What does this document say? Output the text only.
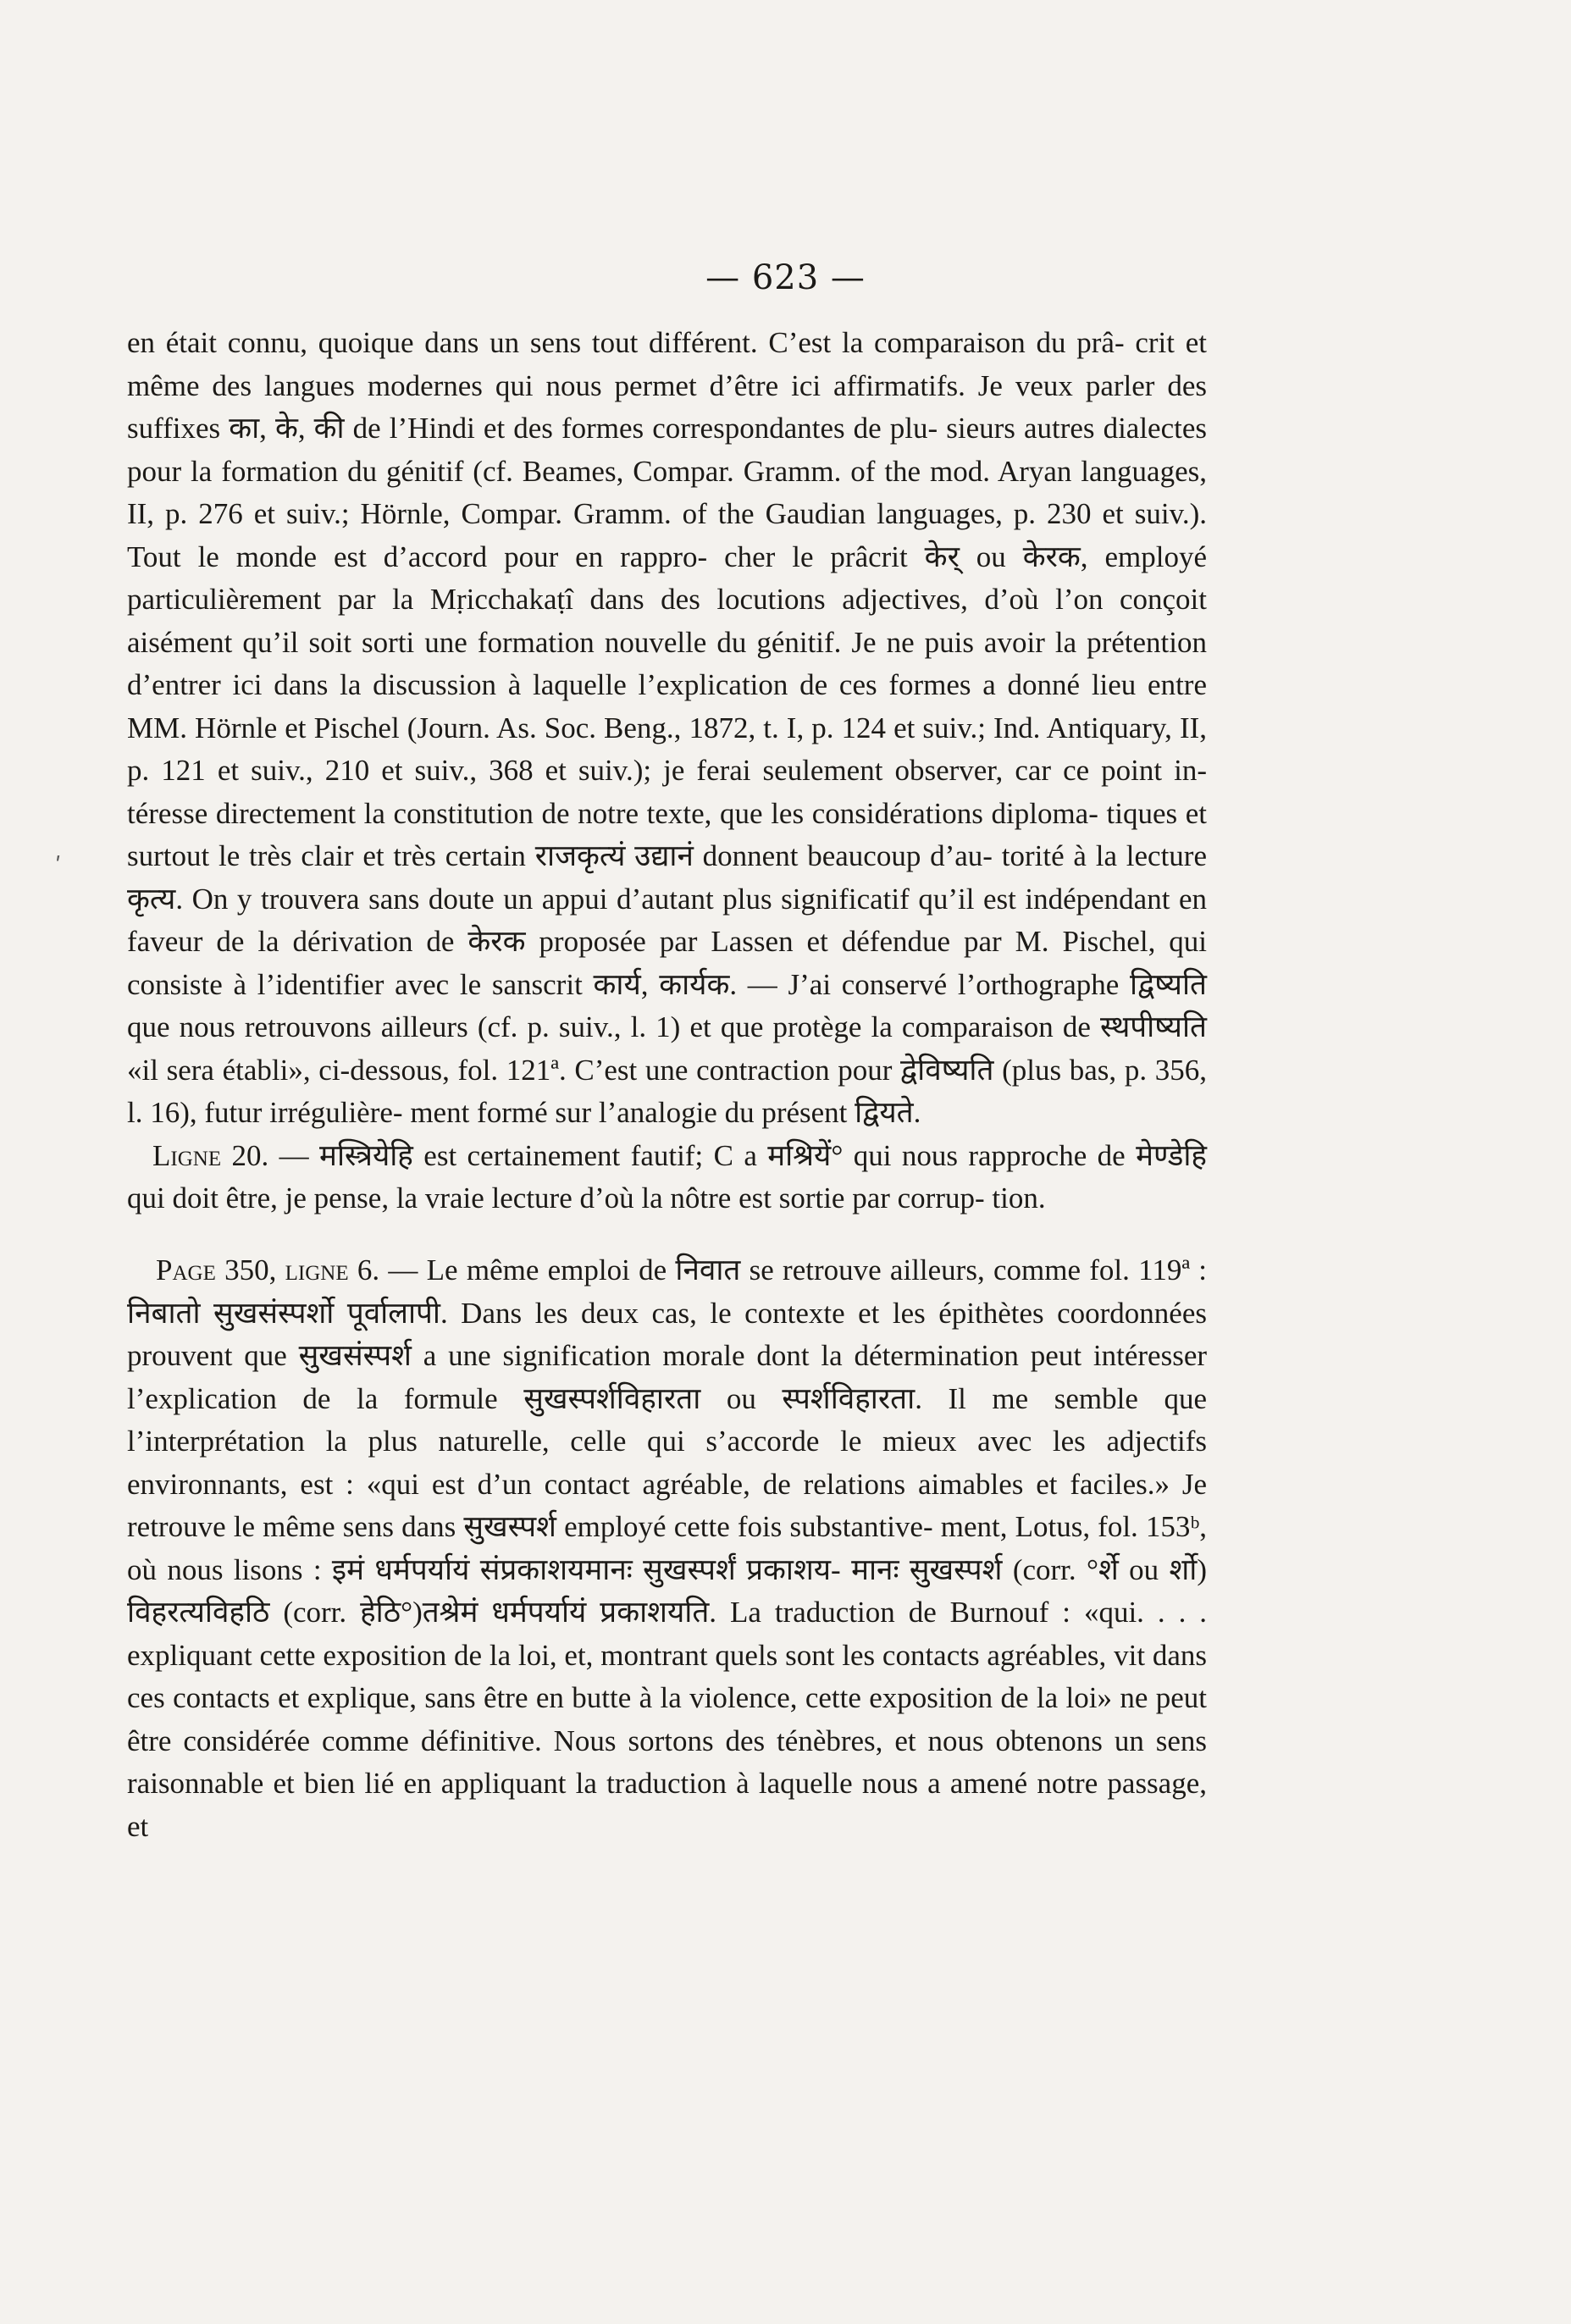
— 623 —
ʹ

en était connu, quoique dans un sens tout différent. C’est la comparaison du prâ- crit et même des langues modernes qui nous permet d’être ici affirmatifs. Je veux parler des suffixes का, के, की de l’Hindi et des formes correspondantes de plu- sieurs autres dialectes pour la formation du génitif (cf. Beames, Compar. Gramm. of the mod. Aryan languages, II, p. 276 et suiv.; Hörnle, Compar. Gramm. of the Gaudian languages, p. 230 et suiv.). Tout le monde est d’accord pour en rappro- cher le prâcrit केर् ou केरक, employé particulièrement par la Mṛicchakaṭî dans des locutions adjectives, d’où l’on conçoit aisément qu’il soit sorti une formation nouvelle du génitif. Je ne puis avoir la prétention d’entrer ici dans la discussion à laquelle l’explication de ces formes a donné lieu entre MM. Hörnle et Pischel (Journ. As. Soc. Beng., 1872, t. I, p. 124 et suiv.; Ind. Antiquary, II, p. 121 et suiv., 210 et suiv., 368 et suiv.); je ferai seulement observer, car ce point in- téresse directement la constitution de notre texte, que les considérations diploma- tiques et surtout le très clair et très certain राजकृत्यं उद्यानं donnent beaucoup d’au- torité à la lecture कृत्य. On y trouvera sans doute un appui d’autant plus significatif qu’il est indépendant en faveur de la dérivation de केरक proposée par Lassen et défendue par M. Pischel, qui consiste à l’identifier avec le sanscrit कार्य, कार्यक. — J’ai conservé l’orthographe द्विष्यति que nous retrouvons ailleurs (cf. p. suiv., l. 1) et que protège la comparaison de स्थपीष्यति «il sera établi», ci-dessous, fol. 121ª. C’est une contraction pour द्वेविष्यति (plus bas, p. 356, l. 16), futur irrégulière- ment formé sur l’analogie du présent द्वियते.

Ligne 20. — मस्त्रियेहि est certainement fautif; C a मश्रियें° qui nous rapproche de मेण्डेहि qui doit être, je pense, la vraie lecture d’où la nôtre est sortie par corrup- tion.

Page 350, ligne 6. — Le même emploi de निवात se retrouve ailleurs, comme fol. 119ª : निबातो सुखसंस्पर्शो पूर्वालापी. Dans les deux cas, le contexte et les épithètes coordonnées prouvent que सुखसंस्पर्श a une signification morale dont la détermination peut intéresser l’explication de la formule सुखस्पर्शविहारता ou स्पर्शविहारता. Il me semble que l’interprétation la plus naturelle, celle qui s’accorde le mieux avec les adjectifs environnants, est : «qui est d’un contact agréable, de relations aimables et faciles.» Je retrouve le même sens dans सुखस्पर्श employé cette fois substantive- ment, Lotus, fol. 153ᵇ, où nous lisons : इमं धर्मपर्यायं संप्रकाशयमानः सुखस्पर्शं प्रकाशय- मानः सुखस्पर्श (corr. °र्शे ou र्शो) विहरत्यविहठि (corr. हेठि°)तश्रेमं धर्मपर्यायं प्रकाशयति. La traduction de Burnouf : «qui. . . . expliquant cette exposition de la loi, et, montrant quels sont les contacts agréables, vit dans ces contacts et explique, sans être en butte à la violence, cette exposition de la loi» ne peut être considérée comme définitive. Nous sortons des ténèbres, et nous obtenons un sens raisonnable et bien lié en appliquant la traduction à laquelle nous a amené notre passage, et
